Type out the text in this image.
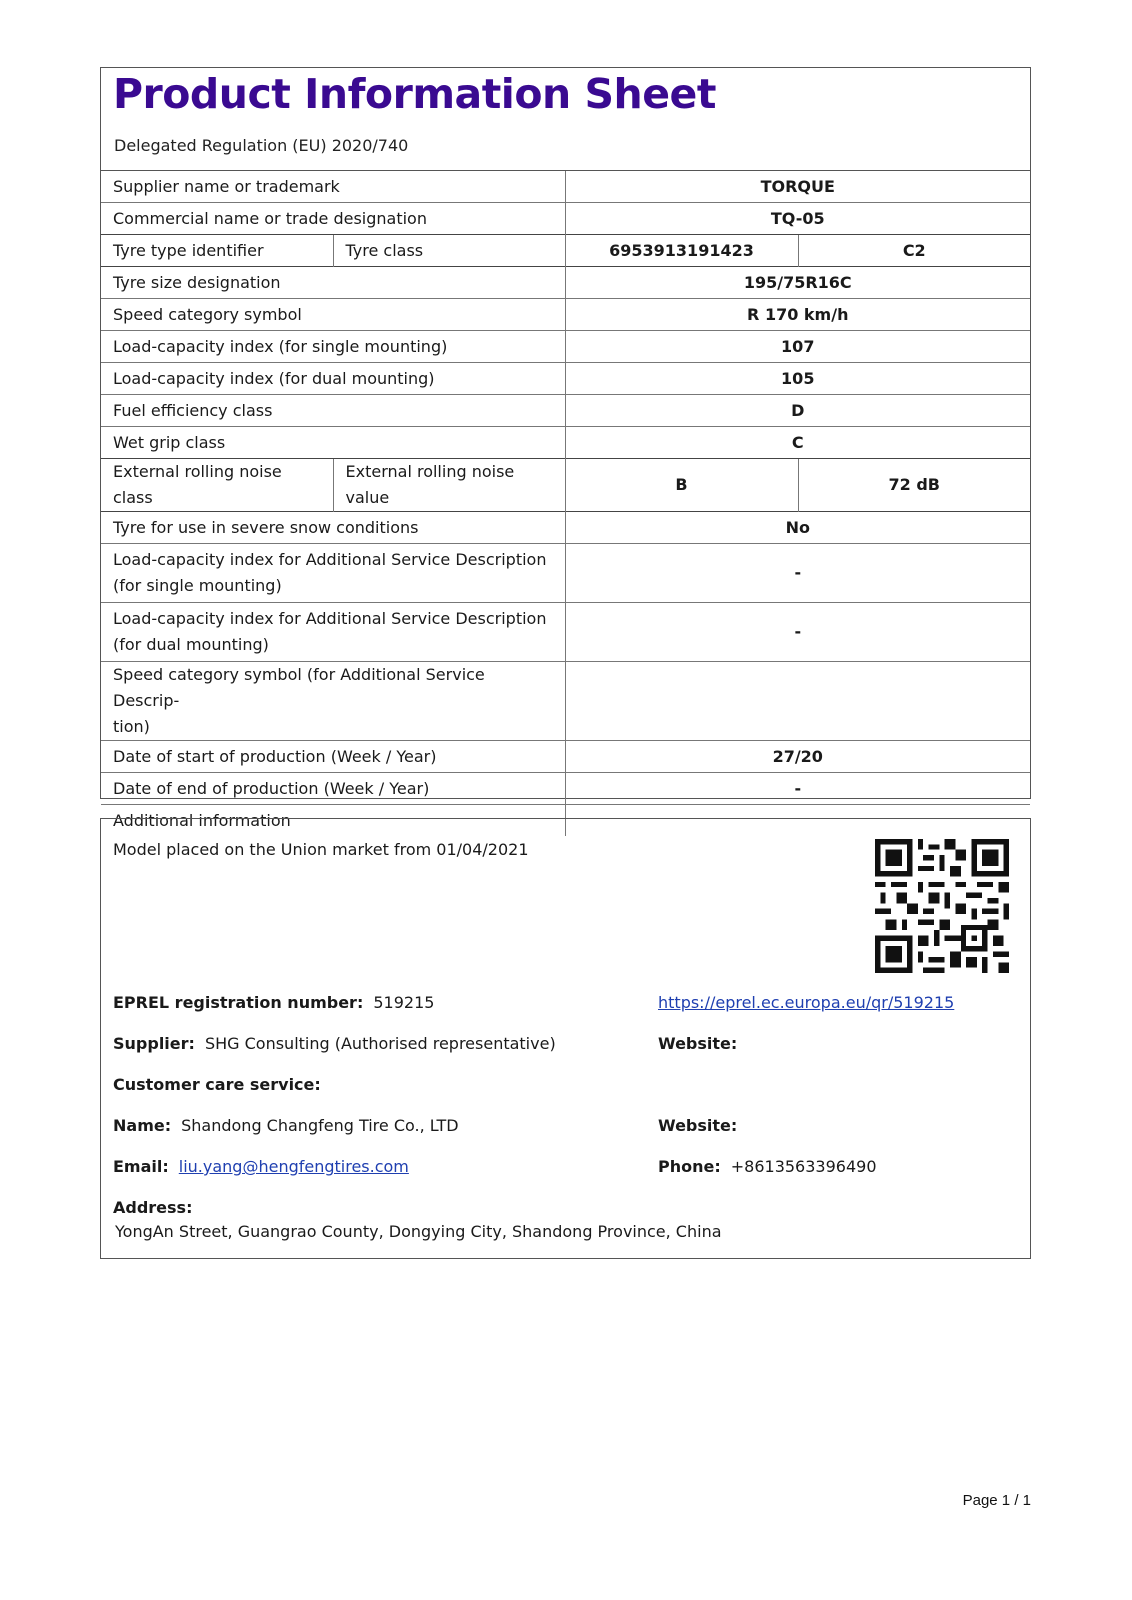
Product Information Sheet
Delegated Regulation (EU) 2020/740
Supplier name or trademark		TORQUE	
Commercial name or trade designation		TQ-05	
Tyre type identifier	Tyre class	6953913191423	C2
Tyre size designation		195/75R16C	
Speed category symbol		R 170 km/h	
Load-capacity index (for single mounting)		107	
Load-capacity index (for dual mounting)		105	
Fuel efficiency class		D	
Wet grip class		C	
External rolling noise class	External rolling noise value	B	72 dB
Tyre for use in severe snow conditions		No	

Load-capacity index for Additional Service Description
(for single mounting)		-	

Load-capacity index for Additional Service Description
(for dual mounting)		-	

Speed category symbol (for Additional Service Descrip-
tion)			

Date of start of production (Week / Year)		27/20	
Date of end of production (Week / Year)		-	
Additional information			
Model placed on the Union market from 01/04/2021
EPREL registration number: 519215	https://eprel.ec.europa.eu/qr/519215
Supplier: SHG Consulting (Authorised representative)	Website:
Customer care service:
Name: Shandong Changfeng Tire Co., LTD	Website:
Email: liu.yang@hengfengtires.com	Phone: +8613563396490
Address:
YongAn Street, Guangrao County, Dongying City, Shandong Province, China
Page 1 / 1
